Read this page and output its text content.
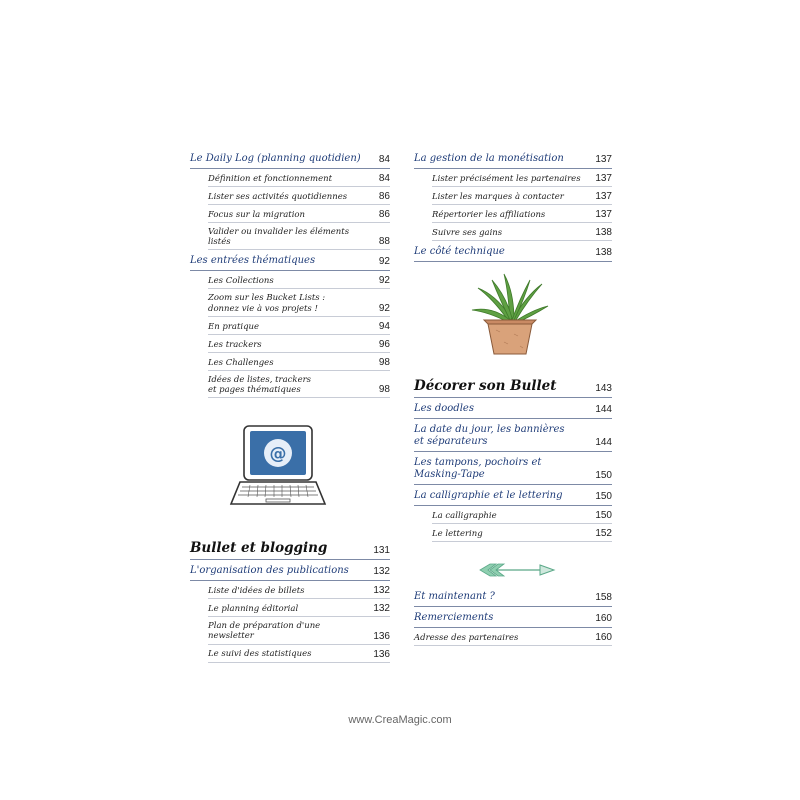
Le Daily Log (planning quotidien)	84
Définition et fonctionnement	84
Lister ses activités quotidiennes	86
Focus sur la migration	86
Valider ou invalider les éléments listés	88
Les entrées thématiques	92
Les Collections	92
Zoom sur les Bucket Lists :
donnez vie à vos projets !	92
En pratique	94
Les trackers	96
Les Challenges	98
Idées de listes, trackers
et pages thématiques	98
Bullet et blogging	131
L'organisation des publications	132
Liste d'idées de billets	132
Le planning éditorial	132
Plan de préparation d'une newsletter	136
Le suivi des statistiques	136
La gestion de la monétisation	137
Lister précisément les partenaires	137
Lister les marques à contacter	137
Répertorier les affiliations	137
Suivre ses gains	138
Le côté technique	138
Décorer son Bullet	143
Les doodles	144
La date du jour, les bannières
et séparateurs	144
Les tampons, pochoirs et
Masking-Tape	150
La calligraphie et le lettering	150
La calligraphie	150
Le lettering	152
Et maintenant ?	158
Remerciements	160
Adresse des partenaires	160
@
www.CreaMagic.com
